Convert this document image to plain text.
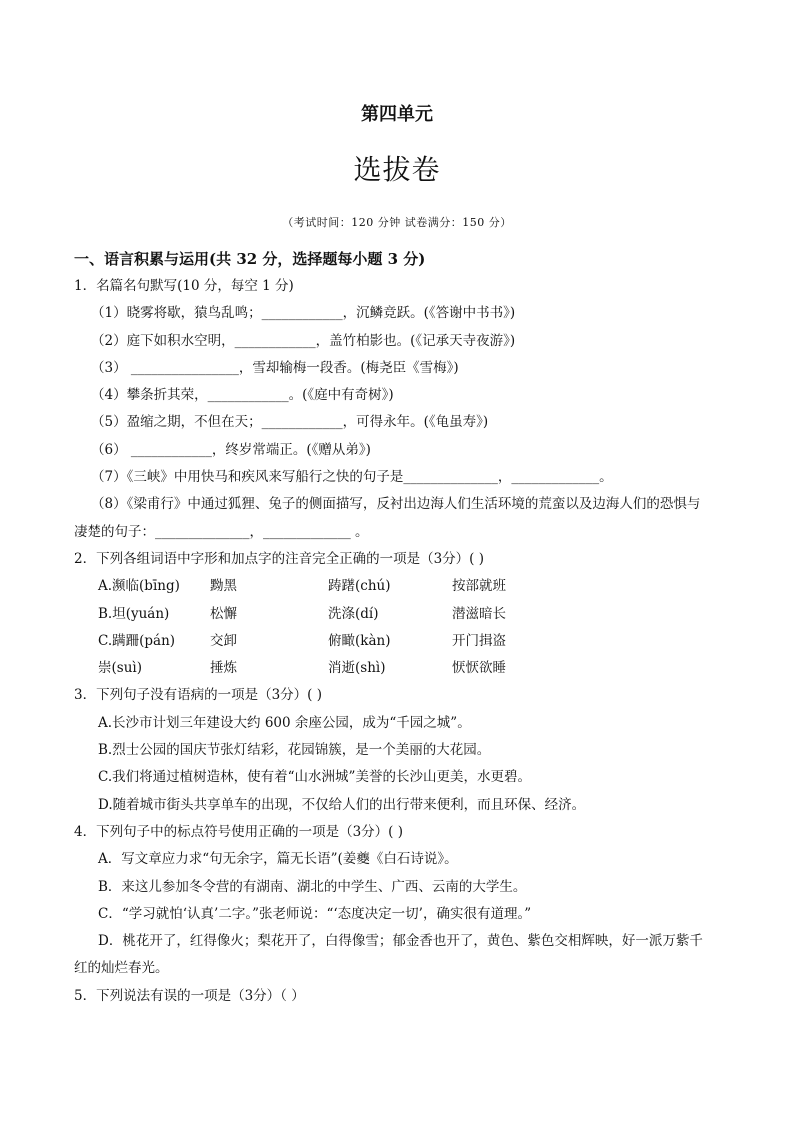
第四单元
选拔卷
（考试时间：120 分钟 试卷满分：150 分）
一、语言积累与运用(共 32 分，选择题每小题 3 分)
1．名篇名句默写(10 分，每空 1 分)
（1）晓雾将歇，猿鸟乱鸣；____________，沉鳞竞跃。(《答谢中书书》)
（2）庭下如积水空明，____________，盖竹柏影也。(《记承天寺夜游》)
（3） ________________，雪却输梅一段香。(梅尧臣《雪梅》)
（4）攀条折其荣，____________。(《庭中有奇树》)
（5）盈缩之期，不但在天；____________，可得永年。(《龟虽寿》)
（6） ____________，终岁常端正。(《赠从弟》)
（7）《三峡》中用快马和疾风来写船行之快的句子是______________，_____________。
（8）《梁甫行》中通过狐狸、兔子的侧面描写，反衬出边海人们生活环境的荒蛮以及边海人们的恐惧与
凄楚的句子：______________，_____________ 。
2．下列各组词语中字形和加点字的注音完全正确的一项是（3分）( )
A.濒临(bīng)	黝黑	踌躇(chú)	按部就班
B.坦(yuán)	松懈	洗涤(dí)	潜滋暗长
C.蹒跚(pán)	交卸	俯瞰(kàn)	开门揖盗
崇(suì)	捶炼	消逝(shì)	恹恹欲睡
3．下列句子没有语病的一项是（3分）( )
A.长沙市计划三年建设大约 600 余座公园，成为“千园之城”。
B.烈士公园的国庆节张灯结彩，花园锦簇，是一个美丽的大花园。
C.我们将通过植树造林，使有着“山水洲城”美誉的长沙山更美，水更碧。
D.随着城市街头共享单车的出现，不仅给人们的出行带来便利，而且环保、经济。
4．下列句子中的标点符号使用正确的一项是（3分）( )
A．写文章应力求“句无余字，篇无长语”(姜夔《白石诗说》。
B．来这儿参加冬令营的有湖南、湖北的中学生、广西、云南的大学生。
C．“学习就怕‘认真’二字。”张老师说：“‘态度决定一切’，确实很有道理。”
D．桃花开了，红得像火；梨花开了，白得像雪；郁金香也开了，黄色、紫色交相辉映，好一派万紫千
红的灿烂春光。
5．下列说法有误的一项是（3分）（ ）
